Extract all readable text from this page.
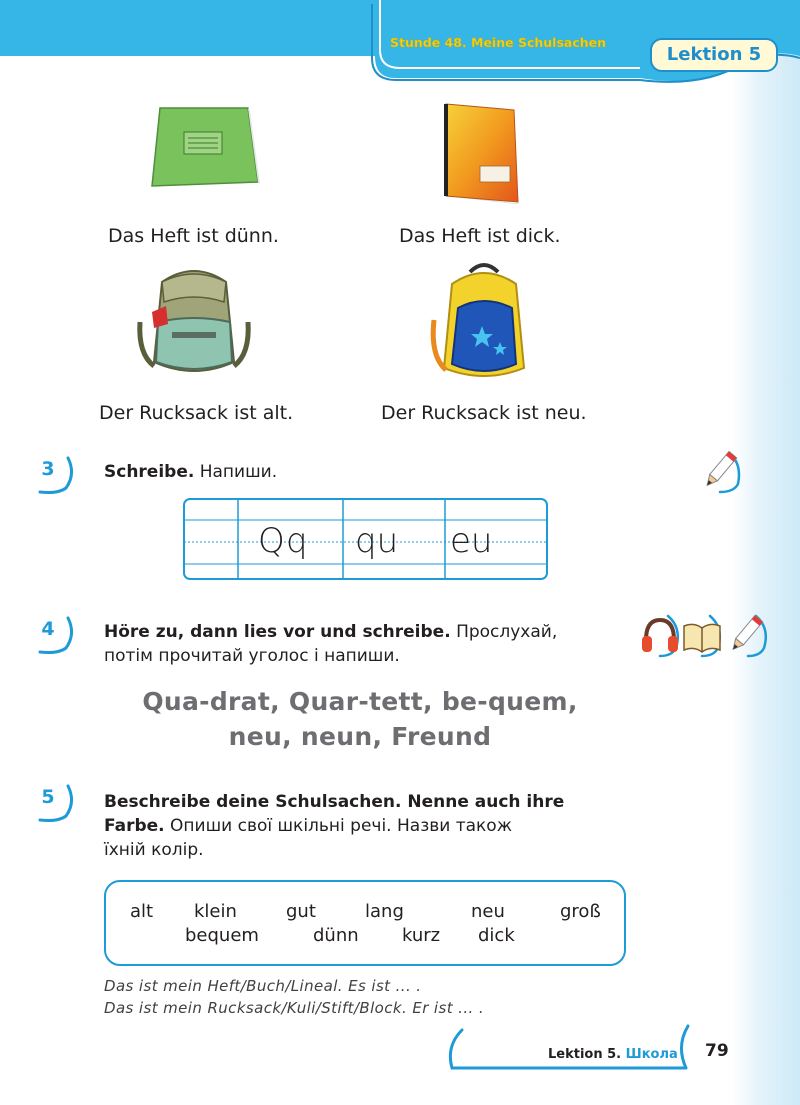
Stunde 48. Meine Schulsachen
Lektion 5
Das Heft ist dünn.	Das Heft ist dick.
Der Rucksack ist alt.	Der Rucksack ist neu.
3	Schreibe. Напиши.
Q q qu eu
4	Höre zu, dann lies vor und schreibe. Прослухай,
потім прочитай уголос і напиши.
Qua-drat, Quar-tett, be-quem,
neu, neun, Freund
5	Beschreibe deine Schulsachen. Nenne auch ihre
Farbe. Опиши свої шкільні речі. Назви також
їхній колір.
alt klein	gut	lang	neu	groß
bequem	dünn kurz dick
Das ist mein Heft/Buch/Lineal. Es ist ... .
Das ist mein Rucksack/Kuli/Stift/Block. Er ist ... .
Lektion 5. Школа 79
